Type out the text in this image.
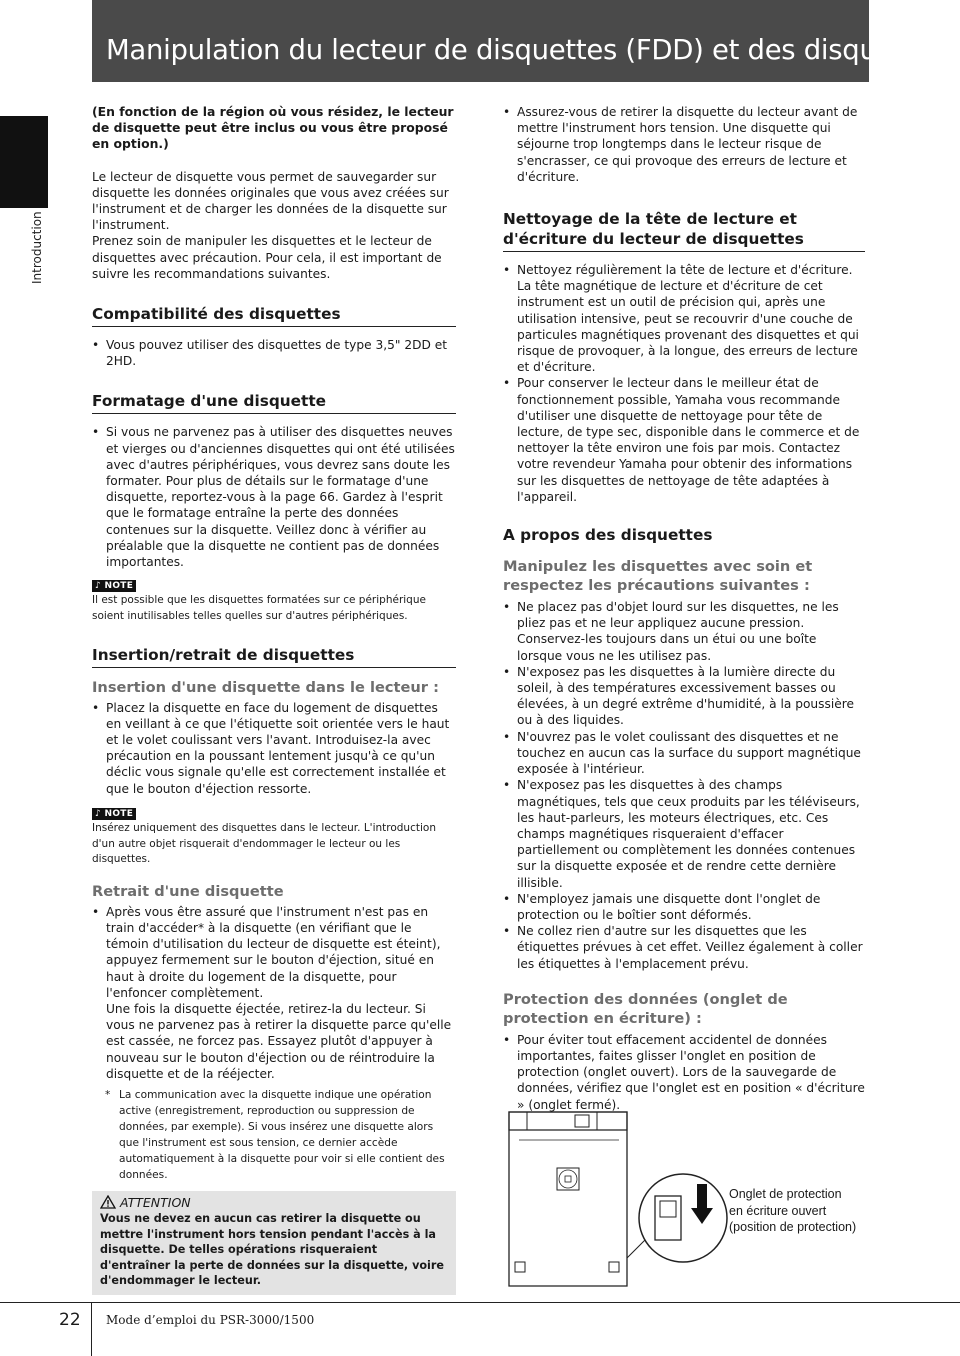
Manipulation du lecteur de disquettes (FDD) et des disquettes
Introduction

(En fonction de la région où vous résidez, le lecteur de disquette peut être inclus ou vous être proposé en option.)

Le lecteur de disquette vous permet de sauvegarder sur disquette les données originales que vous avez créées sur l'instrument et de charger les données de la disquette sur l'instrument.

Prenez soin de manipuler les disquettes et le lecteur de disquettes avec précaution. Pour cela, il est important de suivre les recommandations suivantes.

Compatibilité des disquettes
• Vous pouvez utiliser des disquettes de type 3,5" 2DD et 2HD.
Formatage d'une disquette
• Si vous ne parvenez pas à utiliser des disquettes neuves et vierges ou d'anciennes disquettes qui ont été utilisées avec d'autres périphériques, vous devrez sans doute les formater. Pour plus de détails sur le formatage d'une disquette, reportez-vous à la page 66. Gardez à l'esprit que le formatage entraîne la perte des données contenues sur la disquette. Veillez donc à vérifier au préalable que la disquette ne contient pas de données importantes.
♪ NOTE

Il est possible que les disquettes formatées sur ce périphérique soient inutilisables telles quelles sur d'autres périphériques.

Insertion/retrait de disquettes
Insertion d'une disquette dans le lecteur :
• Placez la disquette en face du logement de disquettes en veillant à ce que l'étiquette soit orientée vers le haut et le volet coulissant vers l'avant. Introduisez-la avec précaution en la poussant lentement jusqu'à ce qu'un déclic vous signale qu'elle est correctement installée et que le bouton d'éjection ressorte.
♪ NOTE

Insérez uniquement des disquettes dans le lecteur. L'introduction d'un autre objet risquerait d'endommager le lecteur ou les disquettes.

Retrait d'une disquette
• Après vous être assuré que l'instrument n'est pas en train d'accéder* à la disquette (en vérifiant que le témoin d'utilisation du lecteur de disquette est éteint), appuyez fermement sur le bouton d'éjection, situé en haut à droite du logement de la disquette, pour l'enfoncer complètement.
Une fois la disquette éjectée, retirez-la du lecteur. Si vous ne parvenez pas à retirer la disquette parce qu'elle est cassée, ne forcez pas. Essayez plutôt d'appuyer à nouveau sur le bouton d'éjection ou de réintroduire la disquette et de la rééjecter.
* La communication avec la disquette indique une opération active (enregistrement, reproduction ou suppression de données, par exemple). Si vous insérez une disquette alors que l'instrument est sous tension, ce dernier accède automatiquement à la disquette pour voir si elle contient des données.
ATTENTION

Vous ne devez en aucun cas retirer la disquette ou mettre l'instrument hors tension pendant l'accès à la disquette. De telles opérations risqueraient d'entraîner la perte de données sur la disquette, voire d'endommager le lecteur.

• Assurez-vous de retirer la disquette du lecteur avant de mettre l'instrument hors tension. Une disquette qui séjourne trop longtemps dans le lecteur risque de s'encrasser, ce qui provoque des erreurs de lecture et d'écriture.
Nettoyage de la tête de lecture et d'écriture du lecteur de disquettes
• Nettoyez régulièrement la tête de lecture et d'écriture. La tête magnétique de lecture et d'écriture de cet instrument est un outil de précision qui, après une utilisation intensive, peut se recouvrir d'une couche de particules magnétiques provenant des disquettes et qui risque de provoquer, à la longue, des erreurs de lecture et d'écriture.
• Pour conserver le lecteur dans le meilleur état de fonctionnement possible, Yamaha vous recommande d'utiliser une disquette de nettoyage pour tête de lecture, de type sec, disponible dans le commerce et de nettoyer la tête environ une fois par mois. Contactez votre revendeur Yamaha pour obtenir des informations sur les disquettes de nettoyage de tête adaptées à l'appareil.
A propos des disquettes
Manipulez les disquettes avec soin et respectez les précautions suivantes :
• Ne placez pas d'objet lourd sur les disquettes, ne les pliez pas et ne leur appliquez aucune pression. Conservez-les toujours dans un étui ou une boîte lorsque vous ne les utilisez pas.
• N'exposez pas les disquettes à la lumière directe du soleil, à des températures excessivement basses ou élevées, à un degré extrême d'humidité, à la poussière ou à des liquides.
• N'ouvrez pas le volet coulissant des disquettes et ne touchez en aucun cas la surface du support magnétique exposée à l'intérieur.
• N'exposez pas les disquettes à des champs magnétiques, tels que ceux produits par les téléviseurs, les haut-parleurs, les moteurs électriques, etc. Ces champs magnétiques risqueraient d'effacer partiellement ou complètement les données contenues sur la disquette exposée et de rendre cette dernière illisible.
• N'employez jamais une disquette dont l'onglet de protection ou le boîtier sont déformés.
• Ne collez rien d'autre sur les disquettes que les étiquettes prévues à cet effet. Veillez également à coller les étiquettes à l'emplacement prévu.
Protection des données (onglet de protection en écriture) :
• Pour éviter tout effacement accidentel de données importantes, faites glisser l'onglet en position de protection (onglet ouvert). Lors de la sauvegarde de données, vérifiez que l'onglet est en position « d'écriture » (onglet fermé).
Onglet de protection
en écriture ouvert
(position de protection)
22 Mode d’emploi du PSR-3000/1500
